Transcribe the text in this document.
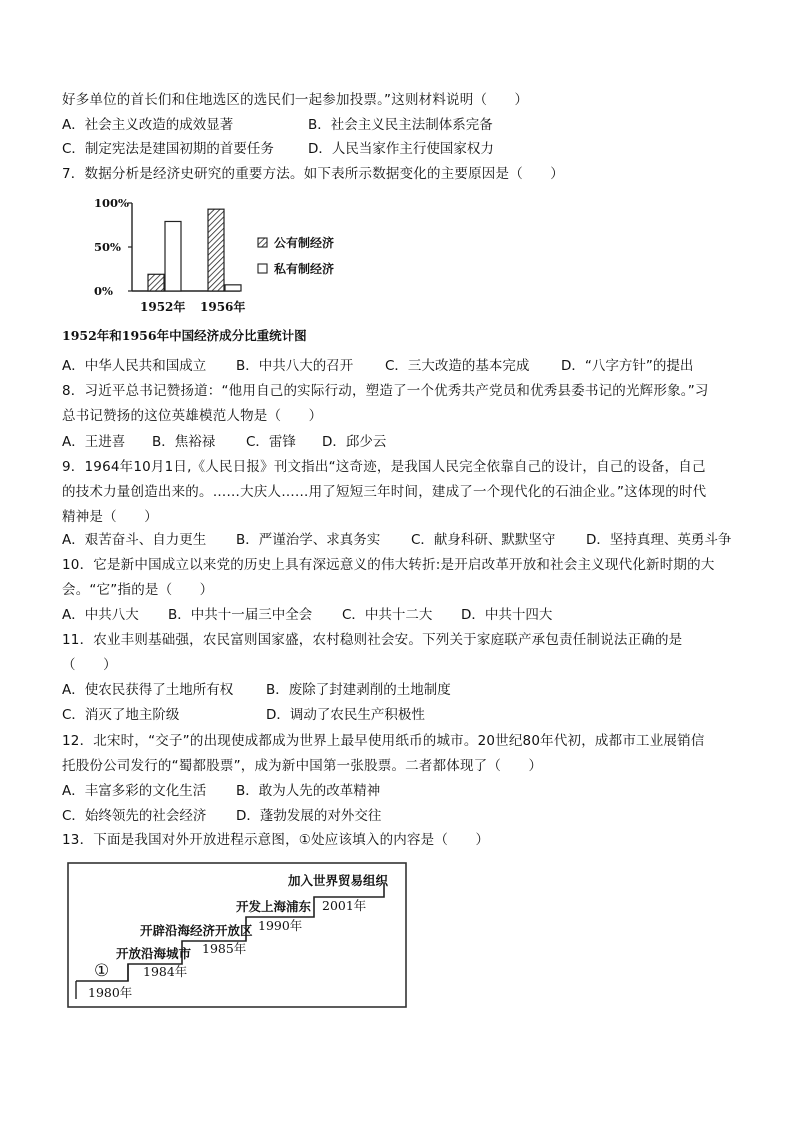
好多单位的首长们和住地选区的选民们一起参加投票。”这则材料说明（　　）
A．社会主义改造的成效显著	B．社会主义民主法制体系完备
C．制定宪法是建国初期的首要任务	D．人民当家作主行使国家权力
7．数据分析是经济史研究的重要方法。如下表所示数据变化的主要原因是（　　）
100%
50%
0%
1952年 1956年
公有制经济
私有制经济
1952年和1956年中国经济成分比重统计图
A．中华人民共和国成立 B．中共八大的召开 C．三大改造的基本完成 D．“八字方针”的提出
8．习近平总书记赞扬道：“他用自己的实际行动，塑造了一个优秀共产党员和优秀县委书记的光辉形象。”习
总书记赞扬的这位英雄模范人物是（　　）
A．王进喜 B．焦裕禄 C．雷锋 D．邱少云
9．1964年10月1日,《人民日报》刊文指出“这奇迹，是我国人民完全依靠自己的设计，自己的设备，自己
的技术力量创造出来的。……大庆人……用了短短三年时间，建成了一个现代化的石油企业。”这体现的时代
精神是（　　）
A．艰苦奋斗、自力更生 B．严谨治学、求真务实 C．献身科研、默默坚守 D．坚持真理、英勇斗争
10．它是新中国成立以来党的历史上具有深远意义的伟大转折:是开启改革开放和社会主义现代化新时期的大
会。“它”指的是（　　）
A．中共八大 B．中共十一届三中全会 C．中共十二大 D．中共十四大
11．农业丰则基础强，农民富则国家盛，农村稳则社会安。下列关于家庭联产承包责任制说法正确的是
（　　）
A．使农民获得了土地所有权 B．废除了封建剥削的土地制度
C．消灭了地主阶级	D．调动了农民生产积极性
12．北宋时，“交子”的出现使成都成为世界上最早使用纸币的城市。20世纪80年代初，成都市工业展销信
托股份公司发行的“蜀都股票”，成为新中国第一张股票。二者都体现了（　　）
A．丰富多彩的文化生活 B．敢为人先的改革精神
C．始终领先的社会经济 D．蓬勃发展的对外交往
13．下面是我国对外开放进程示意图，①处应该填入的内容是（　　）
①
1980年
开放沿海城市
1984年
开辟沿海经济开放区
1985年
开发上海浦东
1990年
加入世界贸易组织
2001年
